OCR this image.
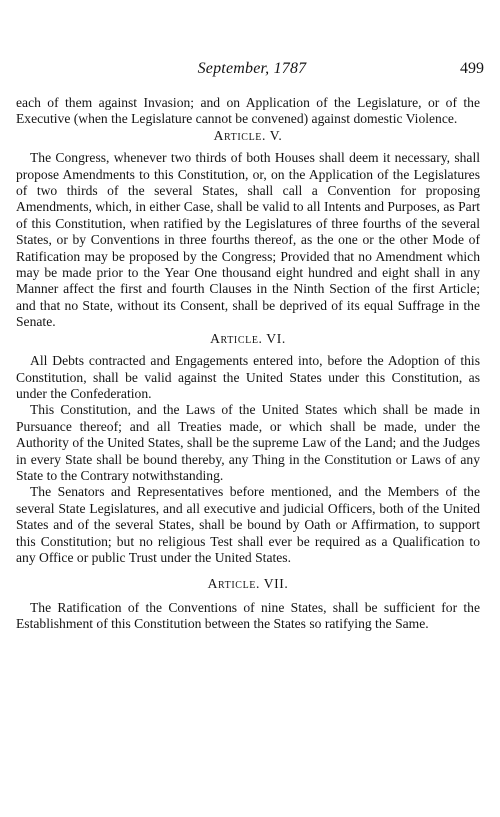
September, 1787	499

each of them against Invasion; and on Application of the Legislature, or of the Executive (when the Legislature cannot be convened) against domestic Violence.

Article. V.

The Congress, whenever two thirds of both Houses shall deem it necessary, shall propose Amendments to this Constitution, or, on the Application of the Legislatures of two thirds of the several States, shall call a Convention for proposing Amendments, which, in either Case, shall be valid to all Intents and Purposes, as Part of this Constitution, when ratified by the Legislatures of three fourths of the several States, or by Conventions in three fourths thereof, as the one or the other Mode of Ratification may be proposed by the Congress; Provided that no Amendment which may be made prior to the Year One thousand eight hundred and eight shall in any Manner affect the first and fourth Clauses in the Ninth Section of the first Article; and that no State, without its Consent, shall be deprived of its equal Suffrage in the Senate.

Article. VI.

All Debts contracted and Engagements entered into, before the Adoption of this Constitution, shall be valid against the United States under this Constitution, as under the Confederation.

This Constitution, and the Laws of the United States which shall be made in Pursuance thereof; and all Treaties made, or which shall be made, under the Authority of the United States, shall be the supreme Law of the Land; and the Judges in every State shall be bound thereby, any Thing in the Constitution or Laws of any State to the Contrary notwithstanding.

The Senators and Representatives before mentioned, and the Members of the several State Legislatures, and all executive and judicial Officers, both of the United States and of the several States, shall be bound by Oath or Affirmation, to support this Constitution; but no religious Test shall ever be required as a Qualification to any Office or public Trust under the United States.

Article. VII.

The Ratification of the Conventions of nine States, shall be sufficient for the Establishment of this Constitution between the States so ratifying the Same.
